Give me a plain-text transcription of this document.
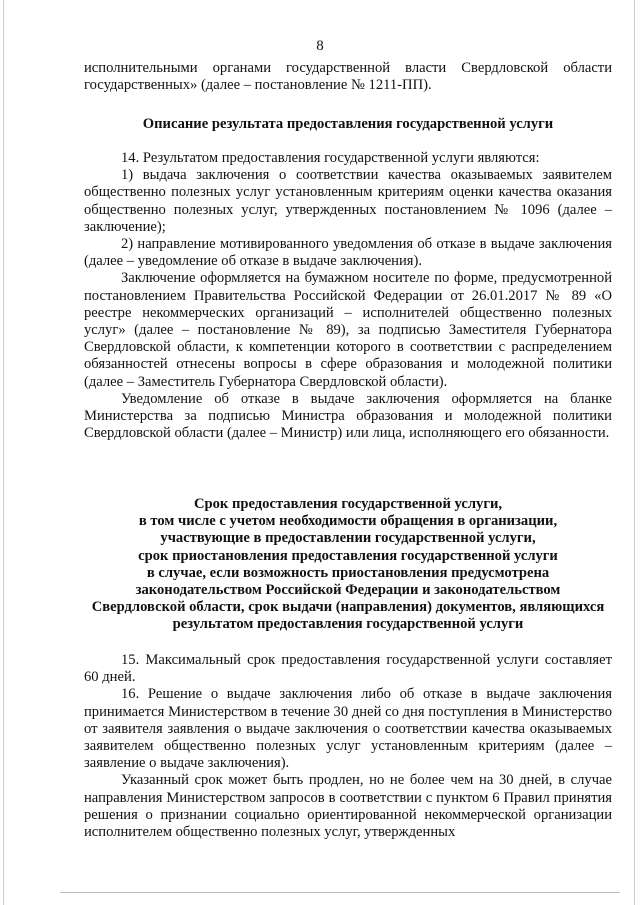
8

исполнительными органами государственной власти Свердловской области государственных» (далее – постановление № 1211-ПП).

Описание результата предоставления государственной услуги

14. Результатом предоставления государственной услуги являются:

1) выдача заключения о соответствии качества оказываемых заявителем общественно полезных услуг установленным критериям оценки качества оказания общественно полезных услуг, утвержденных постановлением № 1096 (далее – заключение);

2) направление мотивированного уведомления об отказе в выдаче заключения (далее – уведомление об отказе в выдаче заключения).

Заключение оформляется на бумажном носителе по форме, предусмотренной постановлением Правительства Российской Федерации от 26.01.2017 № 89 «О реестре некоммерческих организаций – исполнителей общественно полезных услуг» (далее – постановление № 89), за подписью Заместителя Губернатора Свердловской области, к компетенции которого в соответствии с распределением обязанностей отнесены вопросы в сфере образования и молодежной политики (далее – Заместитель Губернатора Свердловской области).

Уведомление об отказе в выдаче заключения оформляется на бланке Министерства за подписью Министра образования и молодежной политики Свердловской области (далее – Министр) или лица, исполняющего его обязанности.

Срок предоставления государственной услуги,

в том числе с учетом необходимости обращения в организации,

участвующие в предоставлении государственной услуги,

срок приостановления предоставления государственной услуги

в случае, если возможность приостановления предусмотрена

законодательством Российской Федерации и законодательством

Свердловской области, срок выдачи (направления) документов, являющихся

результатом предоставления государственной услуги

15. Максимальный срок предоставления государственной услуги составляет 60 дней.

16. Решение о выдаче заключения либо об отказе в выдаче заключения принимается Министерством в течение 30 дней со дня поступления в Министерство от заявителя заявления о выдаче заключения о соответствии качества оказываемых заявителем общественно полезных услуг установленным критериям (далее – заявление о выдаче заключения).

Указанный срок может быть продлен, но не более чем на 30 дней, в случае направления Министерством запросов в соответствии с пунктом 6 Правил принятия решения о признании социально ориентированной некоммерческой организации исполнителем общественно полезных услуг, утвержденных
